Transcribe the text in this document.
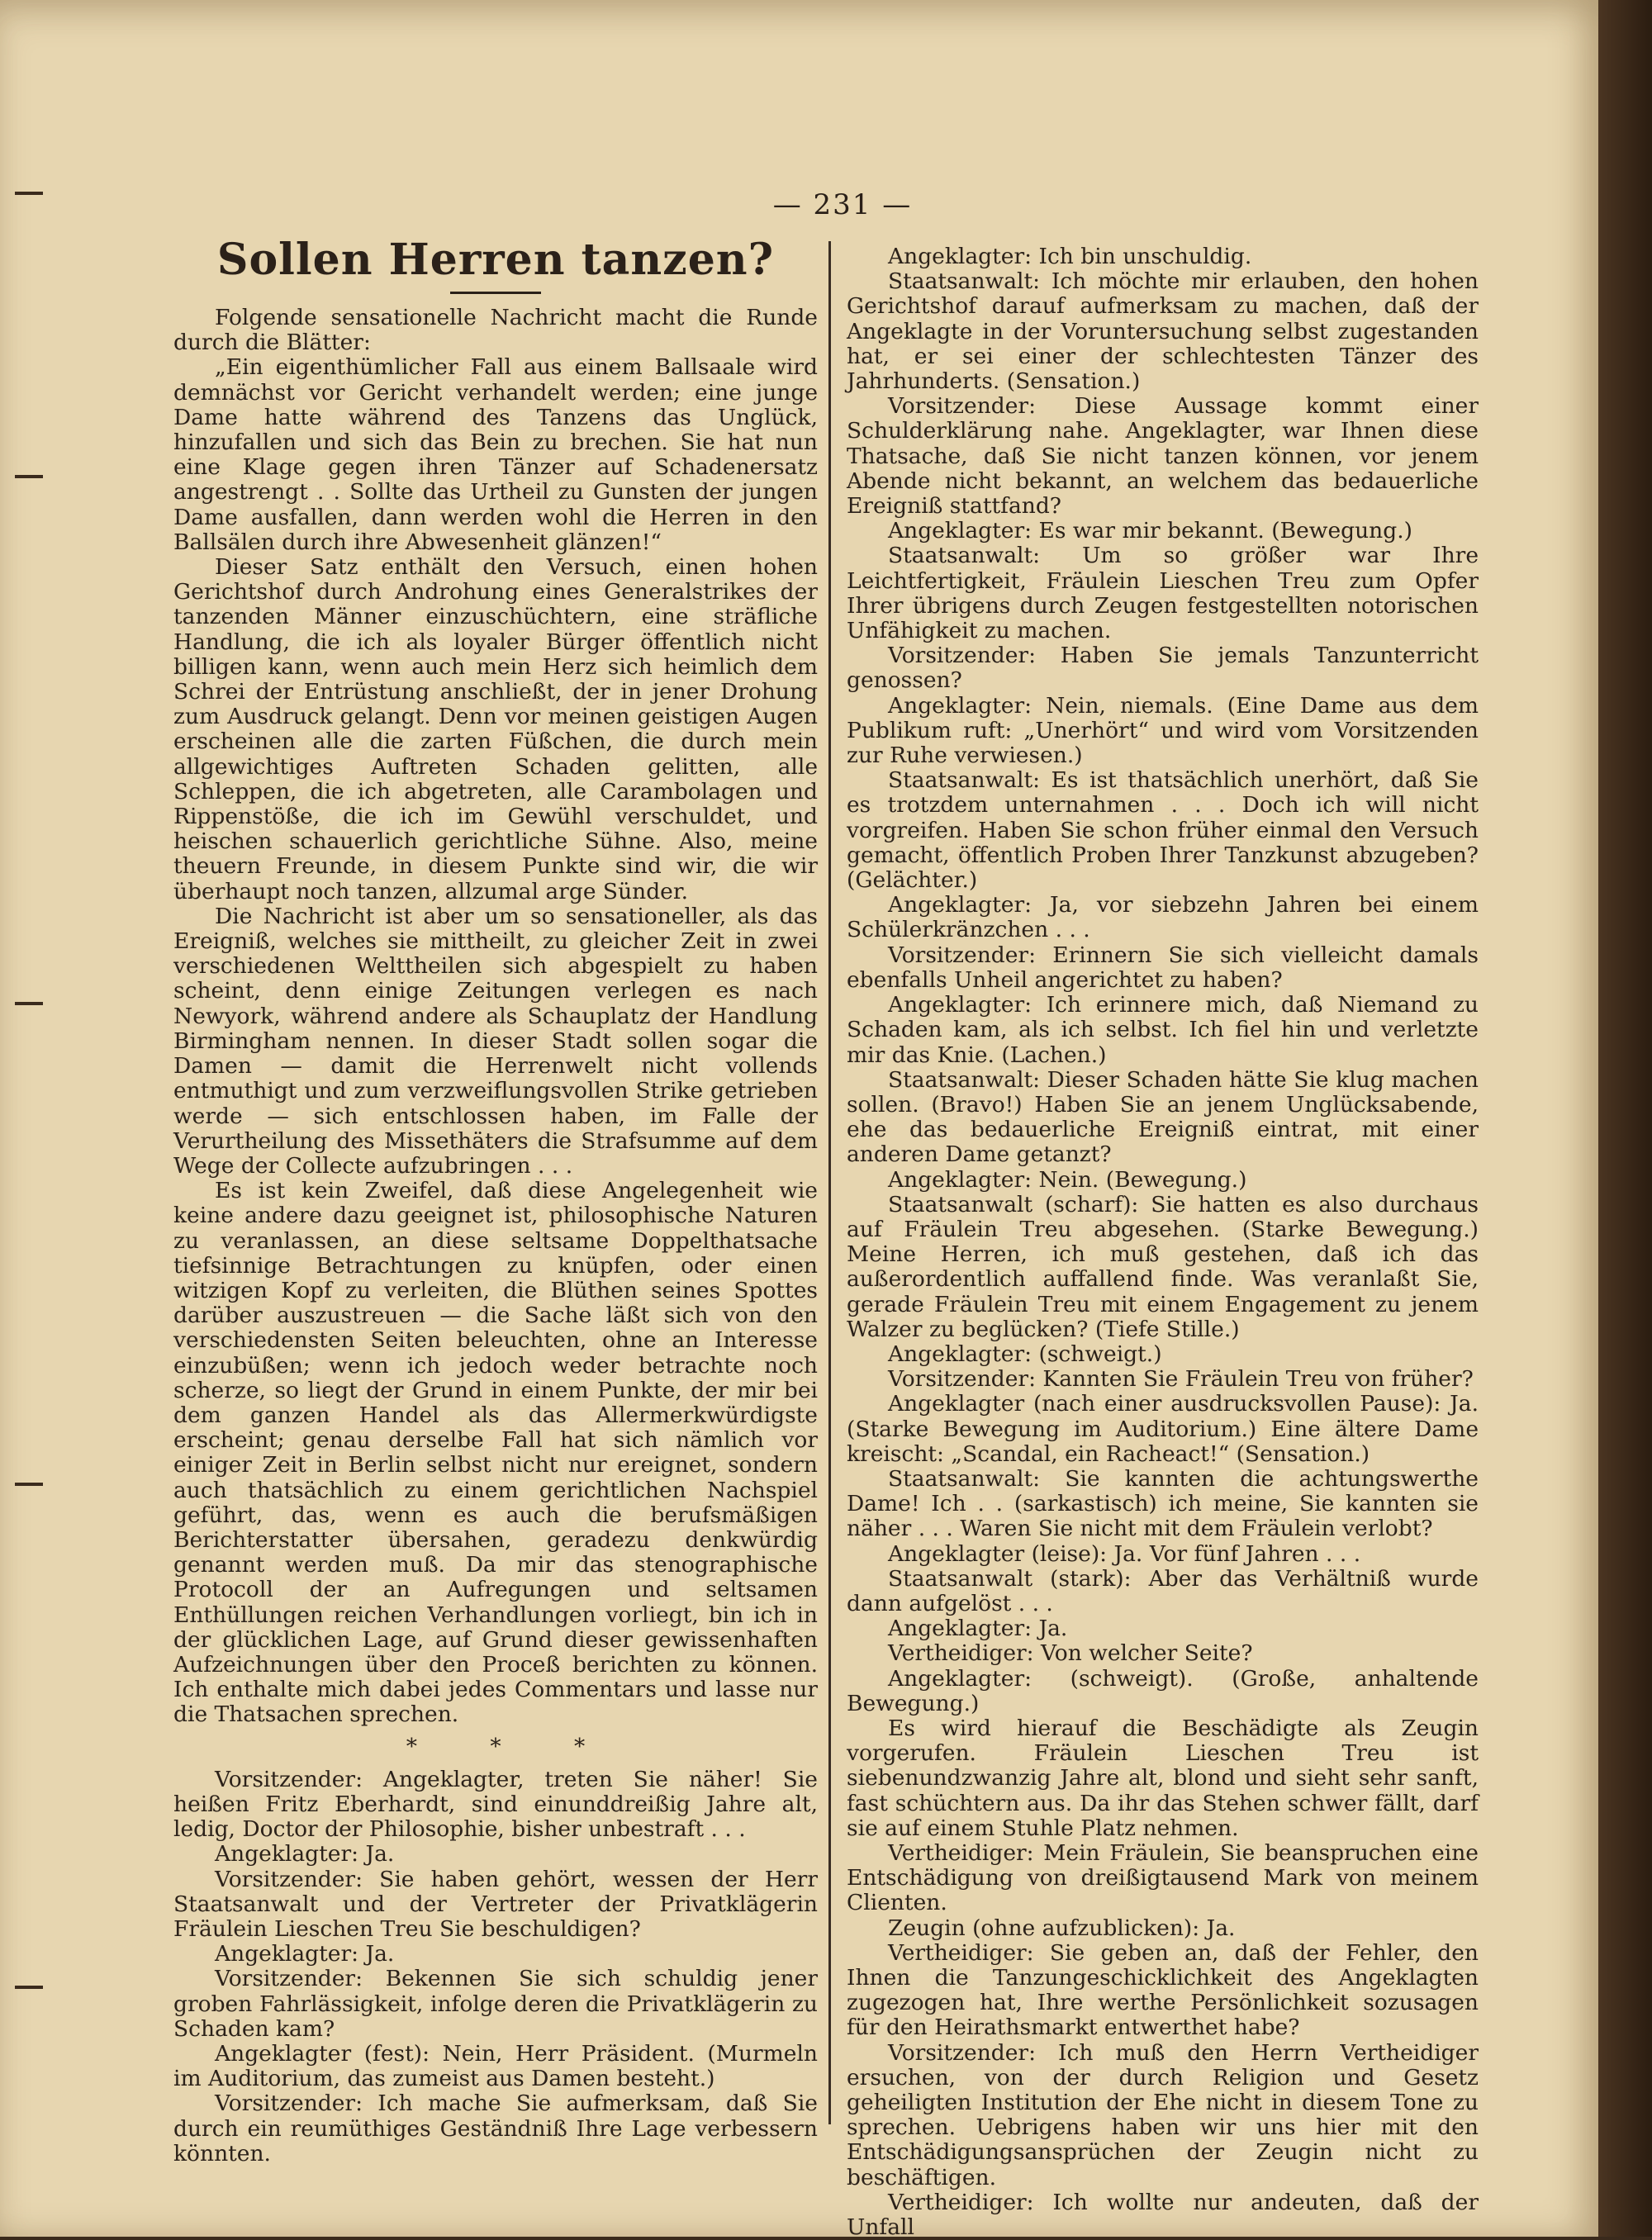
— 231 —
Sollen Herren tanzen?

Folgende sensationelle Nachricht macht die Runde durch die Blätter:

„Ein eigenthümlicher Fall aus einem Ballsaale wird demnächst vor Gericht verhandelt werden; eine junge Dame hatte während des Tanzens das Unglück, hinzufallen und sich das Bein zu brechen. Sie hat nun eine Klage gegen ihren Tänzer auf Schadenersatz angestrengt . . Sollte das Urtheil zu Gunsten der jungen Dame ausfallen, dann werden wohl die Herren in den Ballsälen durch ihre Abwesenheit glänzen!“

Dieser Satz enthält den Versuch, einen hohen Gerichtshof durch Androhung eines Generalstrikes der tanzenden Männer einzuschüchtern, eine sträfliche Handlung, die ich als loyaler Bürger öffentlich nicht billigen kann, wenn auch mein Herz sich heimlich dem Schrei der Entrüstung anschließt, der in jener Drohung zum Ausdruck gelangt. Denn vor meinen geistigen Augen erscheinen alle die zarten Füßchen, die durch mein allgewichtiges Auftreten Schaden gelitten, alle Schleppen, die ich abgetreten, alle Carambolagen und Rippenstöße, die ich im Gewühl verschuldet, und heischen schauerlich gerichtliche Sühne. Also, meine theuern Freunde, in diesem Punkte sind wir, die wir überhaupt noch tanzen, allzumal arge Sünder.

Die Nachricht ist aber um so sensationeller, als das Ereigniß, welches sie mittheilt, zu gleicher Zeit in zwei verschiedenen Welttheilen sich abgespielt zu haben scheint, denn einige Zeitungen verlegen es nach Newyork, während andere als Schauplatz der Handlung Birmingham nennen. In dieser Stadt sollen sogar die Damen — damit die Herrenwelt nicht vollends entmuthigt und zum verzweiflungsvollen Strike getrieben werde — sich entschlossen haben, im Falle der Verurtheilung des Missethäters die Strafsumme auf dem Wege der Collecte aufzubringen . . .

Es ist kein Zweifel, daß diese Angelegenheit wie keine andere dazu geeignet ist, philosophische Naturen zu veranlassen, an diese seltsame Doppelthatsache tiefsinnige Betrachtungen zu knüpfen, oder einen witzigen Kopf zu verleiten, die Blüthen seines Spottes darüber auszustreuen — die Sache läßt sich von den verschiedensten Seiten beleuchten, ohne an Interesse einzubüßen; wenn ich jedoch weder betrachte noch scherze, so liegt der Grund in einem Punkte, der mir bei dem ganzen Handel als das Allermerkwürdigste erscheint; genau derselbe Fall hat sich nämlich vor einiger Zeit in Berlin selbst nicht nur ereignet, sondern auch thatsächlich zu einem gerichtlichen Nachspiel geführt, das, wenn es auch die berufsmäßigen Berichterstatter übersahen, geradezu denkwürdig genannt werden muß. Da mir das stenographische Protocoll der an Aufregungen und seltsamen Enthüllungen reichen Verhandlungen vorliegt, bin ich in der glücklichen Lage, auf Grund dieser gewissenhaften Aufzeichnungen über den Proceß berichten zu können. Ich enthalte mich dabei jedes Commentars und lasse nur die Thatsachen sprechen.

* * *

Vorsitzender: Angeklagter, treten Sie näher! Sie heißen Fritz Eberhardt, sind einunddreißig Jahre alt, ledig, Doctor der Philosophie, bisher unbestraft . . .

Angeklagter: Ja.

Vorsitzender: Sie haben gehört, wessen der Herr Staatsanwalt und der Vertreter der Privatklägerin Fräulein Lieschen Treu Sie beschuldigen?

Angeklagter: Ja.

Vorsitzender: Bekennen Sie sich schuldig jener groben Fahrlässigkeit, infolge deren die Privatklägerin zu Schaden kam?

Angeklagter (fest): Nein, Herr Präsident. (Murmeln im Auditorium, das zumeist aus Damen besteht.)

Vorsitzender: Ich mache Sie aufmerksam, daß Sie durch ein reumüthiges Geständniß Ihre Lage verbessern könnten.

Angeklagter: Ich bin unschuldig.

Staatsanwalt: Ich möchte mir erlauben, den hohen Gerichtshof darauf aufmerksam zu machen, daß der Angeklagte in der Voruntersuchung selbst zugestanden hat, er sei einer der schlechtesten Tänzer des Jahrhunderts. (Sensation.)

Vorsitzender: Diese Aussage kommt einer Schulderklärung nahe. Angeklagter, war Ihnen diese Thatsache, daß Sie nicht tanzen können, vor jenem Abende nicht bekannt, an welchem das bedauerliche Ereigniß stattfand?

Angeklagter: Es war mir bekannt. (Bewegung.)

Staatsanwalt: Um so größer war Ihre Leichtfertigkeit, Fräulein Lieschen Treu zum Opfer Ihrer übrigens durch Zeugen festgestellten notorischen Unfähigkeit zu machen.

Vorsitzender: Haben Sie jemals Tanzunterricht genossen?

Angeklagter: Nein, niemals. (Eine Dame aus dem Publikum ruft: „Unerhört“ und wird vom Vorsitzenden zur Ruhe verwiesen.)

Staatsanwalt: Es ist thatsächlich unerhört, daß Sie es trotzdem unternahmen . . . Doch ich will nicht vorgreifen. Haben Sie schon früher einmal den Versuch gemacht, öffentlich Proben Ihrer Tanzkunst abzugeben? (Gelächter.)

Angeklagter: Ja, vor siebzehn Jahren bei einem Schülerkränzchen . . .

Vorsitzender: Erinnern Sie sich vielleicht damals ebenfalls Unheil angerichtet zu haben?

Angeklagter: Ich erinnere mich, daß Niemand zu Schaden kam, als ich selbst. Ich fiel hin und verletzte mir das Knie. (Lachen.)

Staatsanwalt: Dieser Schaden hätte Sie klug machen sollen. (Bravo!) Haben Sie an jenem Unglücksabende, ehe das bedauerliche Ereigniß eintrat, mit einer anderen Dame getanzt?

Angeklagter: Nein. (Bewegung.)

Staatsanwalt (scharf): Sie hatten es also durchaus auf Fräulein Treu abgesehen. (Starke Bewegung.) Meine Herren, ich muß gestehen, daß ich das außerordentlich auffallend finde. Was veranlaßt Sie, gerade Fräulein Treu mit einem Engagement zu jenem Walzer zu beglücken? (Tiefe Stille.)

Angeklagter: (schweigt.)

Vorsitzender: Kannten Sie Fräulein Treu von früher?

Angeklagter (nach einer ausdrucksvollen Pause): Ja. (Starke Bewegung im Auditorium.) Eine ältere Dame kreischt: „Scandal, ein Racheact!“ (Sensation.)

Staatsanwalt: Sie kannten die achtungswerthe Dame! Ich . . (sarkastisch) ich meine, Sie kannten sie näher . . . Waren Sie nicht mit dem Fräulein verlobt?

Angeklagter (leise): Ja. Vor fünf Jahren . . .

Staatsanwalt (stark): Aber das Verhältniß wurde dann aufgelöst . . .

Angeklagter: Ja.

Vertheidiger: Von welcher Seite?

Angeklagter: (schweigt). (Große, anhaltende Bewegung.)

Es wird hierauf die Beschädigte als Zeugin vorgerufen. Fräulein Lieschen Treu ist siebenundzwanzig Jahre alt, blond und sieht sehr sanft, fast schüchtern aus. Da ihr das Stehen schwer fällt, darf sie auf einem Stuhle Platz nehmen.

Vertheidiger: Mein Fräulein, Sie beanspruchen eine Entschädigung von dreißigtausend Mark von meinem Clienten.

Zeugin (ohne aufzublicken): Ja.

Vertheidiger: Sie geben an, daß der Fehler, den Ihnen die Tanzungeschicklichkeit des Angeklagten zugezogen hat, Ihre werthe Persönlichkeit sozusagen für den Heirathsmarkt entwerthet habe?

Vorsitzender: Ich muß den Herrn Vertheidiger ersuchen, von der durch Religion und Gesetz geheiligten Institution der Ehe nicht in diesem Tone zu sprechen. Uebrigens haben wir uns hier mit den Entschädigungsansprüchen der Zeugin nicht zu beschäftigen.

Vertheidiger: Ich wollte nur andeuten, daß der Unfall
